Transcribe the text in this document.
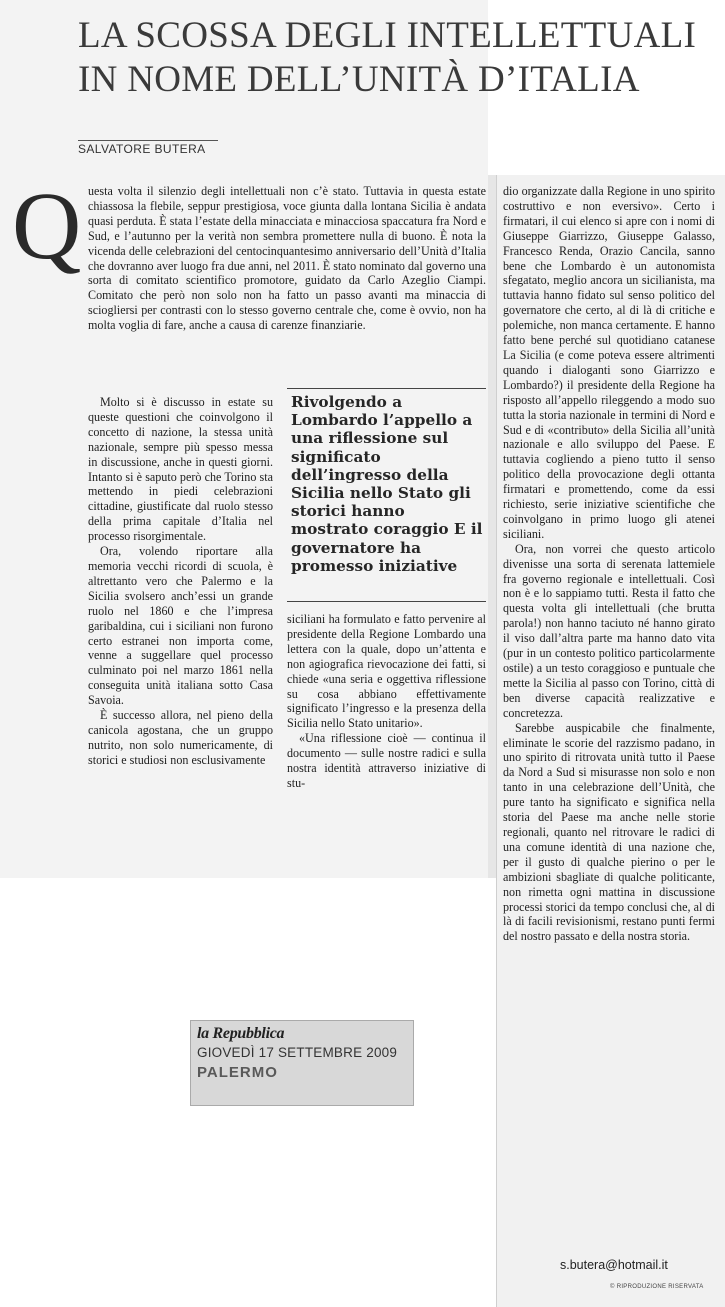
LA SCOSSA DEGLI INTELLETTUALI IN NOME DELL’UNITÀ D’ITALIA
SALVATORE BUTERA
Q uesta volta il silenzio degli intellettuali non c’è stato. Tuttavia in questa estate chiassosa la flebile, seppur prestigiosa, voce giunta dalla lontana Sicilia è andata quasi perduta. È stata l’estate della minacciata e minacciosa spaccatura fra Nord e Sud, e l’autunno per la verità non sembra promettere nulla di buono. È nota la vicenda delle celebrazioni del centocinquantesimo anniversario dell’Unità d’Italia che dovranno aver luogo fra due anni, nel 2011. È stato nominato dal governo una sorta di comitato scientifico promotore, guidato da Carlo Azeglio Ciampi. Comitato che però non solo non ha fatto un passo avanti ma minaccia di sciogliersi per contrasti con lo stesso governo centrale che, come è ovvio, non ha molta voglia di fare, anche a causa di carenze finanziarie.

Molto si è discusso in estate su queste questioni che coinvolgono il concetto di nazione, la stessa unità nazionale, sempre più spesso messa in discussione, anche in questi giorni. Intanto si è saputo però che Torino sta mettendo in piedi celebrazioni cittadine, giustificate dal ruolo stesso della prima capitale d’Italia nel processo risorgimentale.

Ora, volendo riportare alla memoria vecchi ricordi di scuola, è altrettanto vero che Palermo e la Sicilia svolsero anch’essi un grande ruolo nel 1860 e che l’impresa garibaldina, cui i siciliani non furono certo estranei non importa come, venne a suggellare quel processo culminato poi nel marzo 1861 nella conseguita unità italiana sotto Casa Savoia.

È successo allora, nel pieno della canicola agostana, che un gruppo nutrito, non solo numericamente, di storici e studiosi non esclusivamente

Rivolgendo a Lombardo l’appello a una riflessione sul significato dell’ingresso della Sicilia nello Stato gli storici hanno mostrato coraggio E il governatore ha promesso iniziative

siciliani ha formulato e fatto pervenire al presidente della Regione Lombardo una lettera con la quale, dopo un’attenta e non agiografica rievocazione dei fatti, si chiede «una seria e oggettiva riflessione su cosa abbiano effettivamente significato l’ingresso e la presenza della Sicilia nello Stato unitario».

«Una riflessione cioè — continua il documento — sulle nostre radici e sulla nostra identità attraverso iniziative di stu-

dio organizzate dalla Regione in uno spirito costruttivo e non eversivo». Certo i firmatari, il cui elenco si apre con i nomi di Giuseppe Giarrizzo, Giuseppe Galasso, Francesco Renda, Orazio Cancila, sanno bene che Lombardo è un autonomista sfegatato, meglio ancora un sicilianista, ma tuttavia hanno fidato sul senso politico del governatore che certo, al di là di critiche e polemiche, non manca certamente. E hanno fatto bene perché sul quotidiano catanese La Sicilia (e come poteva essere altrimenti quando i dialoganti sono Giarrizzo e Lombardo?) il presidente della Regione ha risposto all’appello rileggendo a modo suo tutta la storia nazionale in termini di Nord e Sud e di «contributo» della Sicilia all’unità nazionale e allo sviluppo del Paese. E tuttavia cogliendo a pieno tutto il senso politico della provocazione degli ottanta firmatari e promettendo, come da essi richiesto, serie iniziative scientifiche che coinvolgano in primo luogo gli atenei siciliani.

Ora, non vorrei che questo articolo divenisse una sorta di serenata lattemiele fra governo regionale e intellettuali. Così non è e lo sappiamo tutti. Resta il fatto che questa volta gli intellettuali (che brutta parola!) non hanno taciuto né hanno girato il viso dall’altra parte ma hanno dato vita (pur in un contesto politico particolarmente ostile) a un testo coraggioso e puntuale che mette la Sicilia al passo con Torino, città di ben diverse capacità realizzative e concretezza.

Sarebbe auspicabile che finalmente, eliminate le scorie del razzismo padano, in uno spirito di ritrovata unità tutto il Paese da Nord a Sud si misurasse non solo e non tanto in una celebrazione dell’Unità, che pure tanto ha significato e significa nella storia del Paese ma anche nelle storie regionali, quanto nel ritrovare le radici di una comune identità di una nazione che, per il gusto di qualche pierino o per le ambizioni sbagliate di qualche politicante, non rimetta ogni mattina in discussione processi storici da tempo conclusi che, al di là di facili revisionismi, restano punti fermi del nostro passato e della nostra storia.

s.butera@hotmail.it
© RIPRODUZIONE RISERVATA
la Repubblica
GIOVEDÌ 17 SETTEMBRE 2009
PALERMO
